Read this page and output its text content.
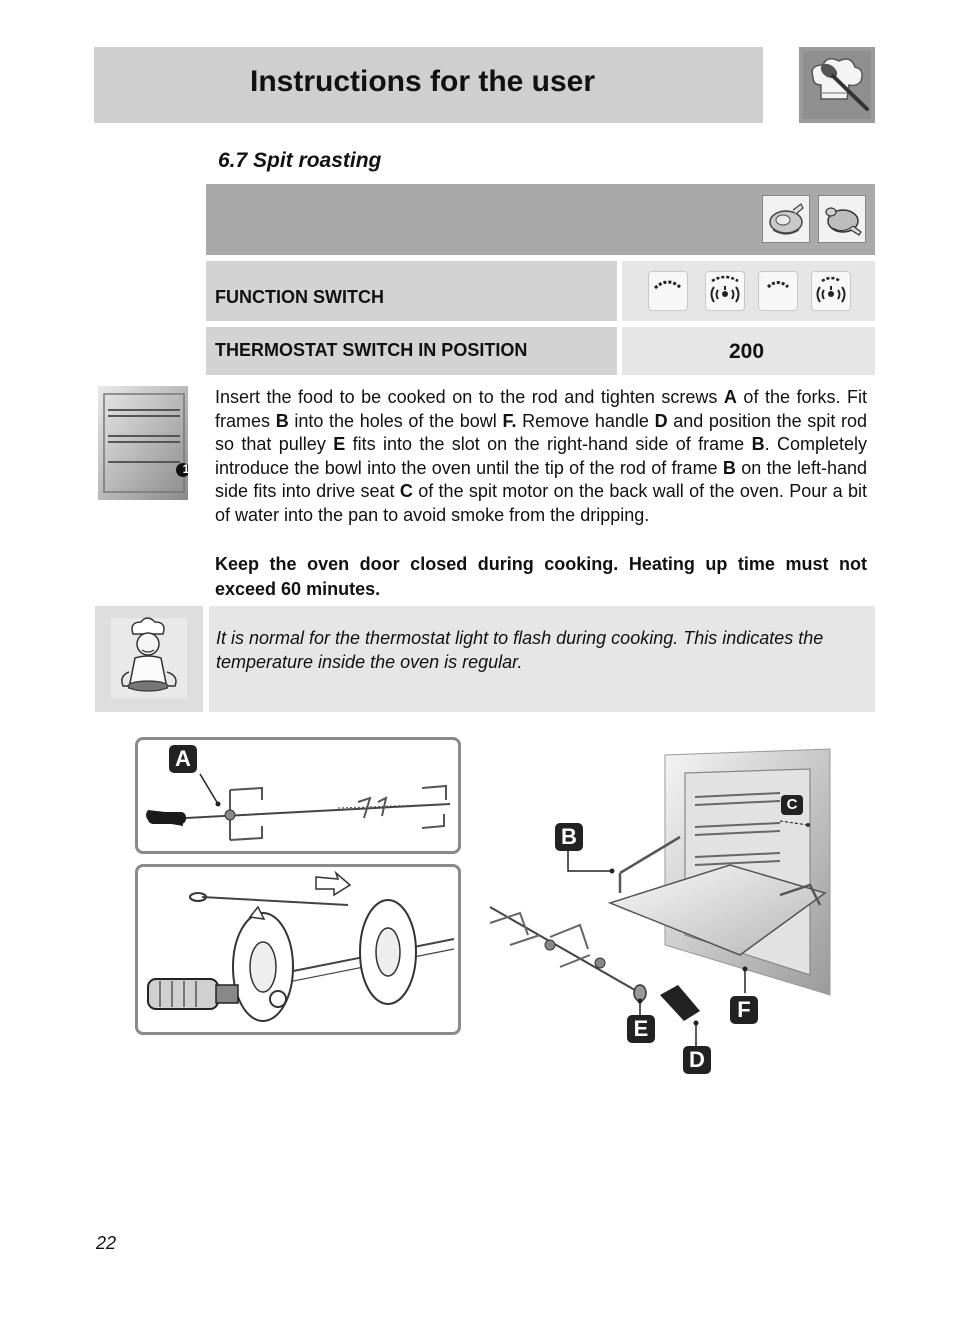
Instructions for the user
6.7 Spit roasting
FUNCTION SWITCH
THERMOSTAT SWITCH IN POSITION	200
1
Insert the food to be cooked on to the rod and tighten screws A of the forks. Fit frames B into the holes of the bowl F. Remove handle D and position the spit rod so that pulley E fits into the slot on the right-hand side of frame B. Completely introduce the bowl into the oven until the tip of the rod of frame B on the left-hand side fits into drive seat C of the spit motor on the back wall of the oven. Pour a bit of water into the pan to avoid smoke from the dripping.
Keep the oven door closed during cooking. Heating up time must not exceed 60 minutes.
It is normal for the thermostat light to flash during cooking. This indicates the temperature inside the oven is regular.
A
B
C
E
D
F
22
